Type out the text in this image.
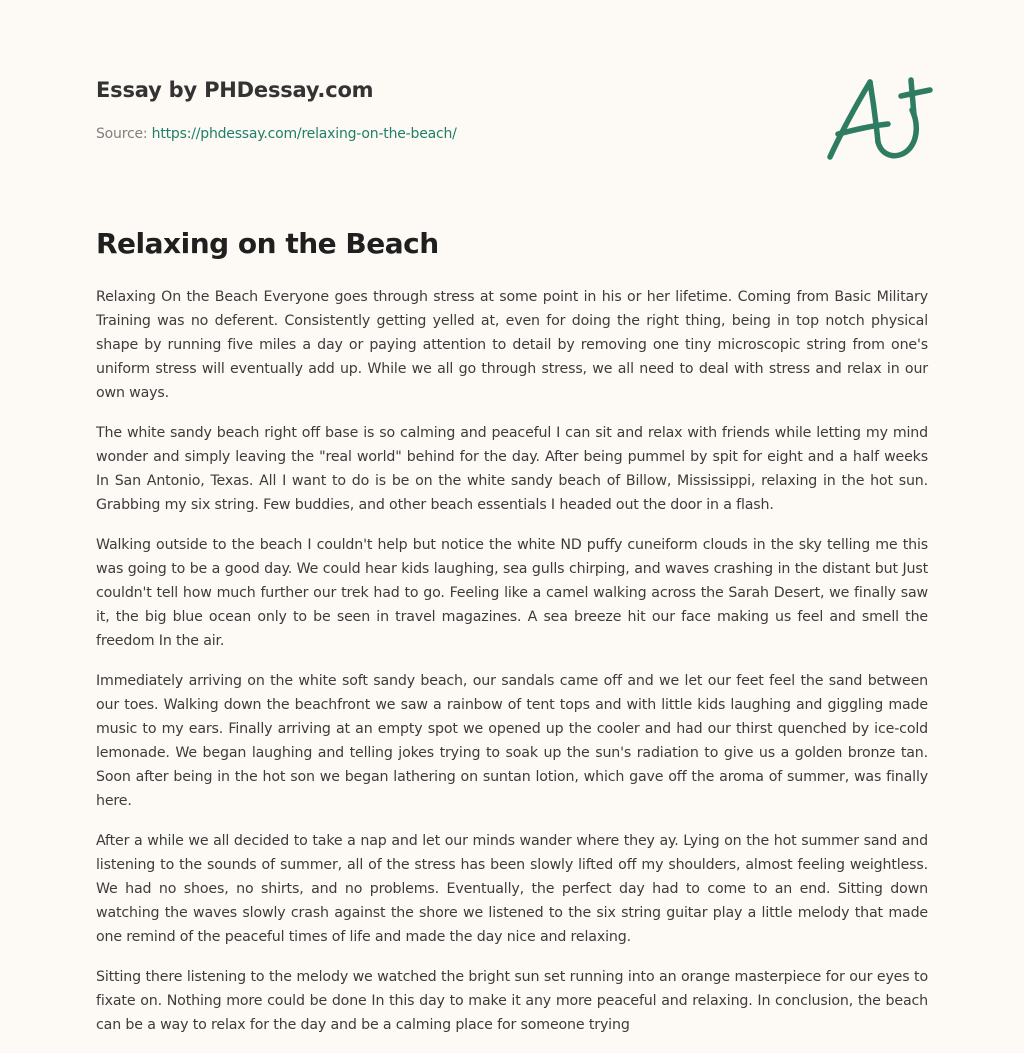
Essay by PHDessay.com
Source: https://phdessay.com/relaxing-on-the-beach/
Relaxing on the Beach

Relaxing On the Beach Everyone goes through stress at some point in his or her lifetime. Coming from Basic Military Training was no deferent. Consistently getting yelled at, even for doing the right thing, being in top notch physical shape by running five miles a day or paying attention to detail by removing one tiny microscopic string from one's uniform stress will eventually add up. While we all go through stress, we all need to deal with stress and relax in our own ways.

The white sandy beach right off base is so calming and peaceful I can sit and relax with friends while letting my mind wonder and simply leaving the "real world" behind for the day. After being pummel by spit for eight and a half weeks In San Antonio, Texas. All I want to do is be on the white sandy beach of Billow, Mississippi, relaxing in the hot sun. Grabbing my six string. Few buddies, and other beach essentials I headed out the door in a flash.

Walking outside to the beach I couldn't help but notice the white ND puffy cuneiform clouds in the sky telling me this was going to be a good day. We could hear kids laughing, sea gulls chirping, and waves crashing in the distant but Just couldn't tell how much further our trek had to go. Feeling like a camel walking across the Sarah Desert, we finally saw it, the big blue ocean only to be seen in travel magazines. A sea breeze hit our face making us feel and smell the freedom In the air.

Immediately arriving on the white soft sandy beach, our sandals came off and we let our feet feel the sand between our toes. Walking down the beachfront we saw a rainbow of tent tops and with little kids laughing and giggling made music to my ears. Finally arriving at an empty spot we opened up the cooler and had our thirst quenched by ice-cold lemonade. We began laughing and telling jokes trying to soak up the sun's radiation to give us a golden bronze tan. Soon after being in the hot son we began lathering on suntan lotion, which gave off the aroma of summer, was finally here.

After a while we all decided to take a nap and let our minds wander where they ay. Lying on the hot summer sand and listening to the sounds of summer, all of the stress has been slowly lifted off my shoulders, almost feeling weightless. We had no shoes, no shirts, and no problems. Eventually, the perfect day had to come to an end. Sitting down watching the waves slowly crash against the shore we listened to the six string guitar play a little melody that made one remind of the peaceful times of life and made the day nice and relaxing.

Sitting there listening to the melody we watched the bright sun set running into an orange masterpiece for our eyes to fixate on. Nothing more could be done In this day to make it any more peaceful and relaxing. In conclusion, the beach can be a way to relax for the day and be a calming place for someone trying
